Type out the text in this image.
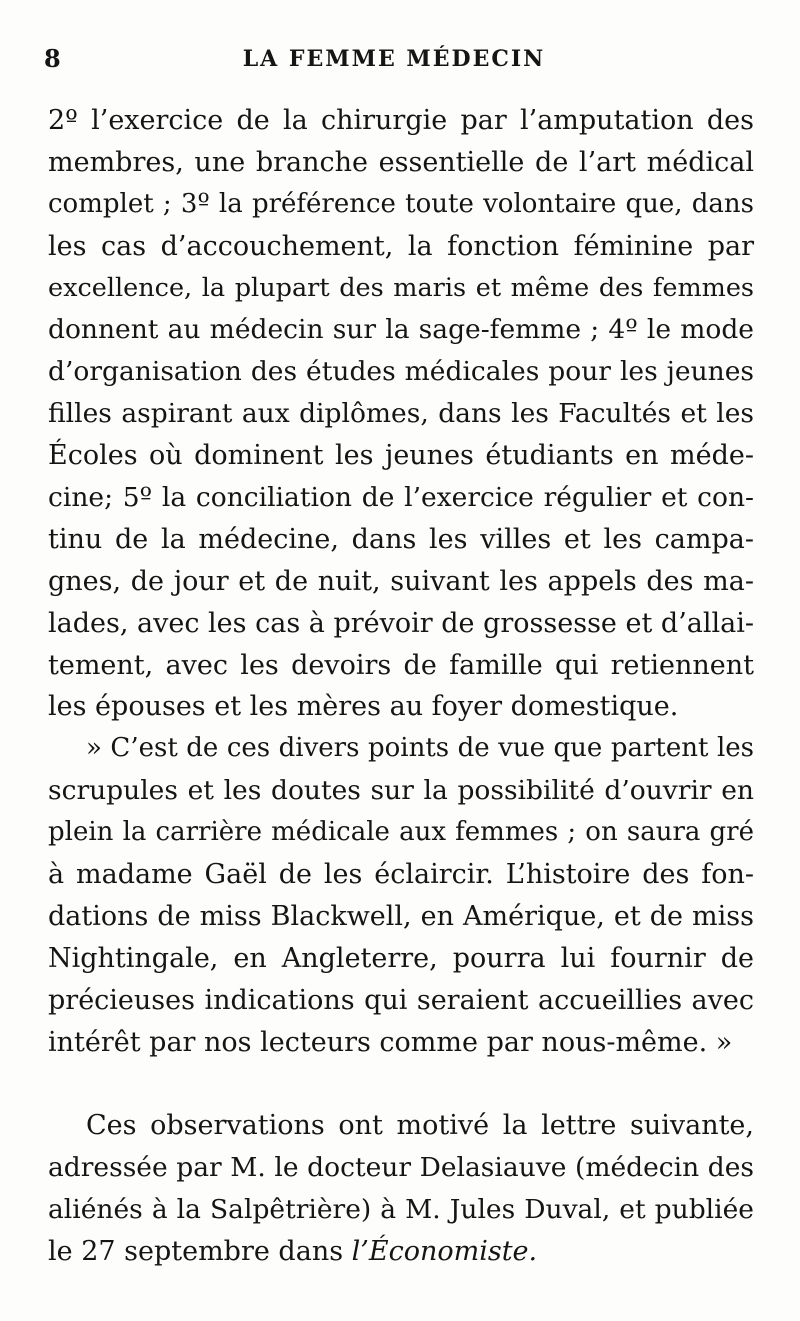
8	LA FEMME MÉDECIN
2º l’exercice de la chirurgie par l’amputation des
membres, une branche essentielle de l’art médical
complet ; 3º la préférence toute volontaire que, dans
les cas d’accouchement, la fonction féminine par
excellence, la plupart des maris et même des femmes
donnent au médecin sur la sage-femme ; 4º le mode
d’organisation des études médicales pour les jeunes
filles aspirant aux diplômes, dans les Facultés et les
Écoles où dominent les jeunes étudiants en méde-
cine; 5º la conciliation de l’exercice régulier et con-
tinu de la médecine, dans les villes et les campa-
gnes, de jour et de nuit, suivant les appels des ma-
lades, avec les cas à prévoir de grossesse et d’allai-
tement, avec les devoirs de famille qui retiennent
les épouses et les mères au foyer domestique.
» C’est de ces divers points de vue que partent les
scrupules et les doutes sur la possibilité d’ouvrir en
plein la carrière médicale aux femmes ; on saura gré
à madame Gaël de les éclaircir. L’histoire des fon-
dations de miss Blackwell, en Amérique, et de miss
Nightingale, en Angleterre, pourra lui fournir de
précieuses indications qui seraient accueillies avec
intérêt par nos lecteurs comme par nous-même. »
Ces observations ont motivé la lettre suivante,
adressée par M. le docteur Delasiauve (médecin des
aliénés à la Salpêtrière) à M. Jules Duval, et publiée
le 27 septembre dans l’Économiste.
